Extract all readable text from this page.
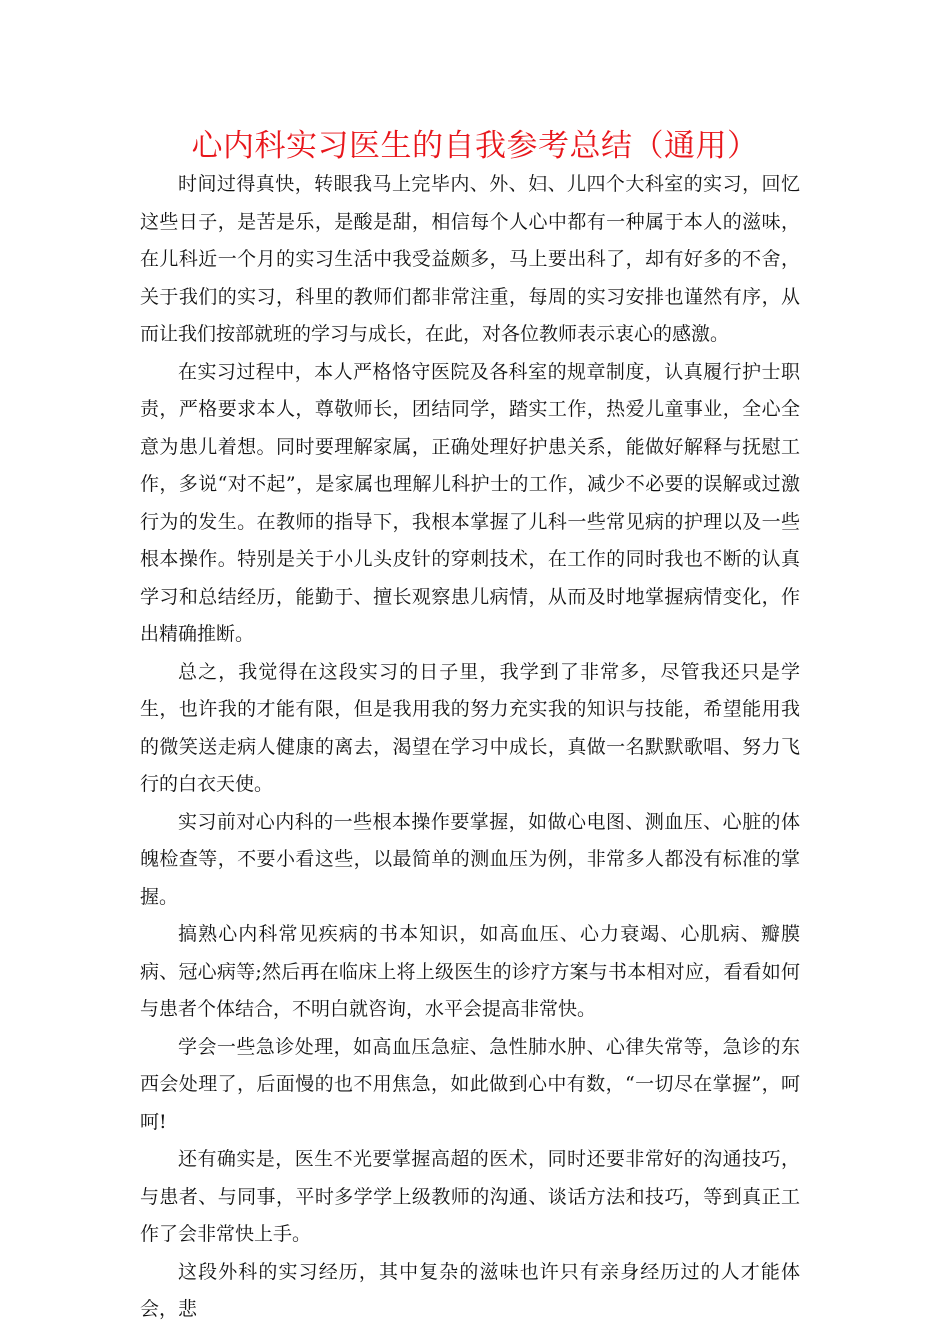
心内科实习医生的自我参考总结（通用）

时间过得真快，转眼我马上完毕内、外、妇、儿四个大科室的实习，回忆这些日子，是苦是乐，是酸是甜，相信每个人心中都有一种属于本人的滋味，在儿科近一个月的实习生活中我受益颇多，马上要出科了，却有好多的不舍，关于我们的实习，科里的教师们都非常注重，每周的实习安排也谨然有序，从而让我们按部就班的学习与成长，在此，对各位教师表示衷心的感激。

在实习过程中，本人严格恪守医院及各科室的规章制度，认真履行护士职责，严格要求本人，尊敬师长，团结同学，踏实工作，热爱儿童事业，全心全意为患儿着想。同时要理解家属，正确处理好护患关系，能做好解释与抚慰工作，多说“对不起”，是家属也理解儿科护士的工作，减少不必要的误解或过激行为的发生。在教师的指导下，我根本掌握了儿科一些常见病的护理以及一些根本操作。特别是关于小儿头皮针的穿刺技术，在工作的同时我也不断的认真学习和总结经历，能勤于、擅长观察患儿病情，从而及时地掌握病情变化，作出精确推断。

总之，我觉得在这段实习的日子里，我学到了非常多，尽管我还只是学生，也许我的才能有限，但是我用我的努力充实我的知识与技能，希望能用我的微笑送走病人健康的离去，渴望在学习中成长，真做一名默默歌唱、努力飞行的白衣天使。

实习前对心内科的一些根本操作要掌握，如做心电图、测血压、心脏的体魄检查等，不要小看这些，以最简单的测血压为例，非常多人都没有标准的掌握。

搞熟心内科常见疾病的书本知识，如高血压、心力衰竭、心肌病、瓣膜病、冠心病等;然后再在临床上将上级医生的诊疗方案与书本相对应，看看如何与患者个体结合，不明白就咨询，水平会提高非常快。

学会一些急诊处理，如高血压急症、急性肺水肿、心律失常等，急诊的东西会处理了，后面慢的也不用焦急，如此做到心中有数，“一切尽在掌握”，呵呵!

还有确实是，医生不光要掌握高超的医术，同时还要非常好的沟通技巧，与患者、与同事，平时多学学上级教师的沟通、谈话方法和技巧，等到真正工作了会非常快上手。

这段外科的实习经历，其中复杂的滋味也许只有亲身经历过的人才能体会，悲
